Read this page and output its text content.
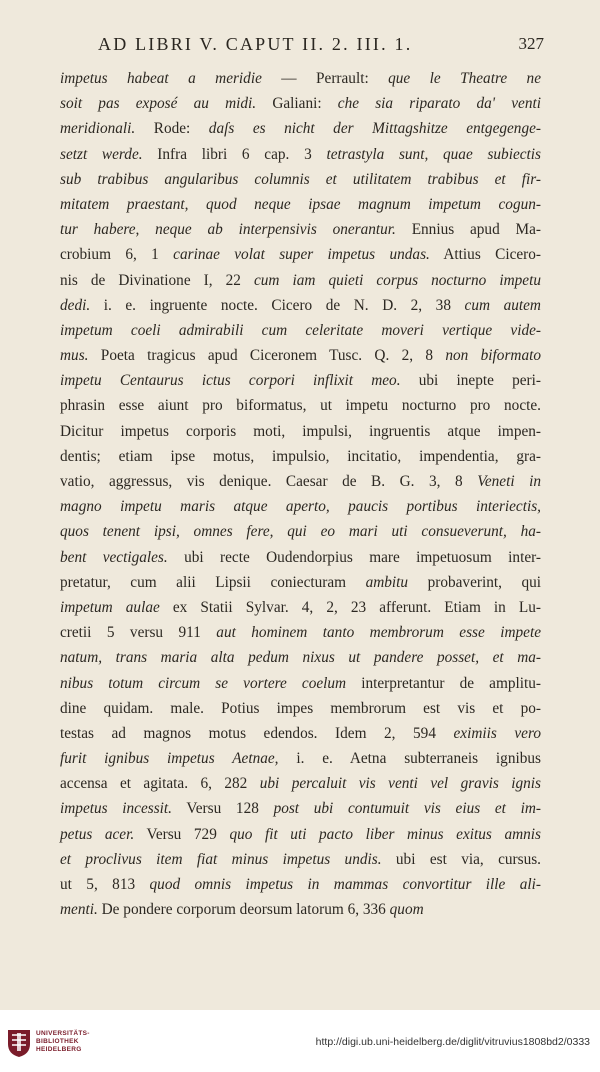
AD LIBRI V. CAPUT II. 2. III. 1.	327
impetus habeat a meridie — Perrault: que le Theatre ne
soit pas exposé au midi. Galiani: che sia riparato da' venti
meridionali. Rode: daſs es nicht der Mittagshitze entgegenge-
setzt werde. Infra libri 6 cap. 3 tetrastyla sunt, quae subiectis
sub trabibus angularibus columnis et utilitatem trabibus et fir-
mitatem praestant, quod neque ipsae magnum impetum cogun-
tur habere, neque ab interpensivis onerantur. Ennius apud Ma-
crobium 6, 1 carinae volat super impetus undas. Attius Cicero-
nis de Divinatione I, 22 cum iam quieti corpus nocturno impetu
dedi. i. e. ingruente nocte. Cicero de N. D. 2, 38 cum autem
impetum coeli admirabili cum celeritate moveri vertique vide-
mus. Poeta tragicus apud Ciceronem Tusc. Q. 2, 8 non biformato
impetu Centaurus ictus corpori inflixit meo. ubi inepte peri-
phrasin esse aiunt pro biformatus, ut impetu nocturno pro nocte.
Dicitur impetus corporis moti, impulsi, ingruentis atque impen-
dentis; etiam ipse motus, impulsio, incitatio, impendentia, gra-
vatio, aggressus, vis denique. Caesar de B. G. 3, 8 Veneti in
magno impetu maris atque aperto, paucis portibus interiectis,
quos tenent ipsi, omnes fere, qui eo mari uti consueverunt, ha-
bent vectigales. ubi recte Oudendorpius mare impetuosum inter-
pretatur, cum alii Lipsii coniecturam ambitu probaverint, qui
impetum aulae ex Statii Sylvar. 4, 2, 23 afferunt. Etiam in Lu-
cretii 5 versu 911 aut hominem tanto membrorum esse impete
natum, trans maria alta pedum nixus ut pandere posset, et ma-
nibus totum circum se vortere coelum interpretantur de amplitu-
dine quidam. male. Potius impes membrorum est vis et po-
testas ad magnos motus edendos. Idem 2, 594 eximiis vero
furit ignibus impetus Aetnae, i. e. Aetna subterraneis ignibus
accensa et agitata. 6, 282 ubi percaluit vis venti vel gravis ignis
impetus incessit. Versu 128 post ubi contumuit vis eius et im-
petus acer. Versu 729 quo fit uti pacto liber minus exitus amnis
et proclivus item fiat minus impetus undis. ubi est via, cursus.
ut 5, 813 quod omnis impetus in mammas convortitur ille ali-
menti. De pondere corporum deorsum latorum 6, 336 quom
UNIVERSITÄTS-
BIBLIOTHEK
HEIDELBERG
http://digi.ub.uni-heidelberg.de/diglit/vitruvius1808bd2/0333
